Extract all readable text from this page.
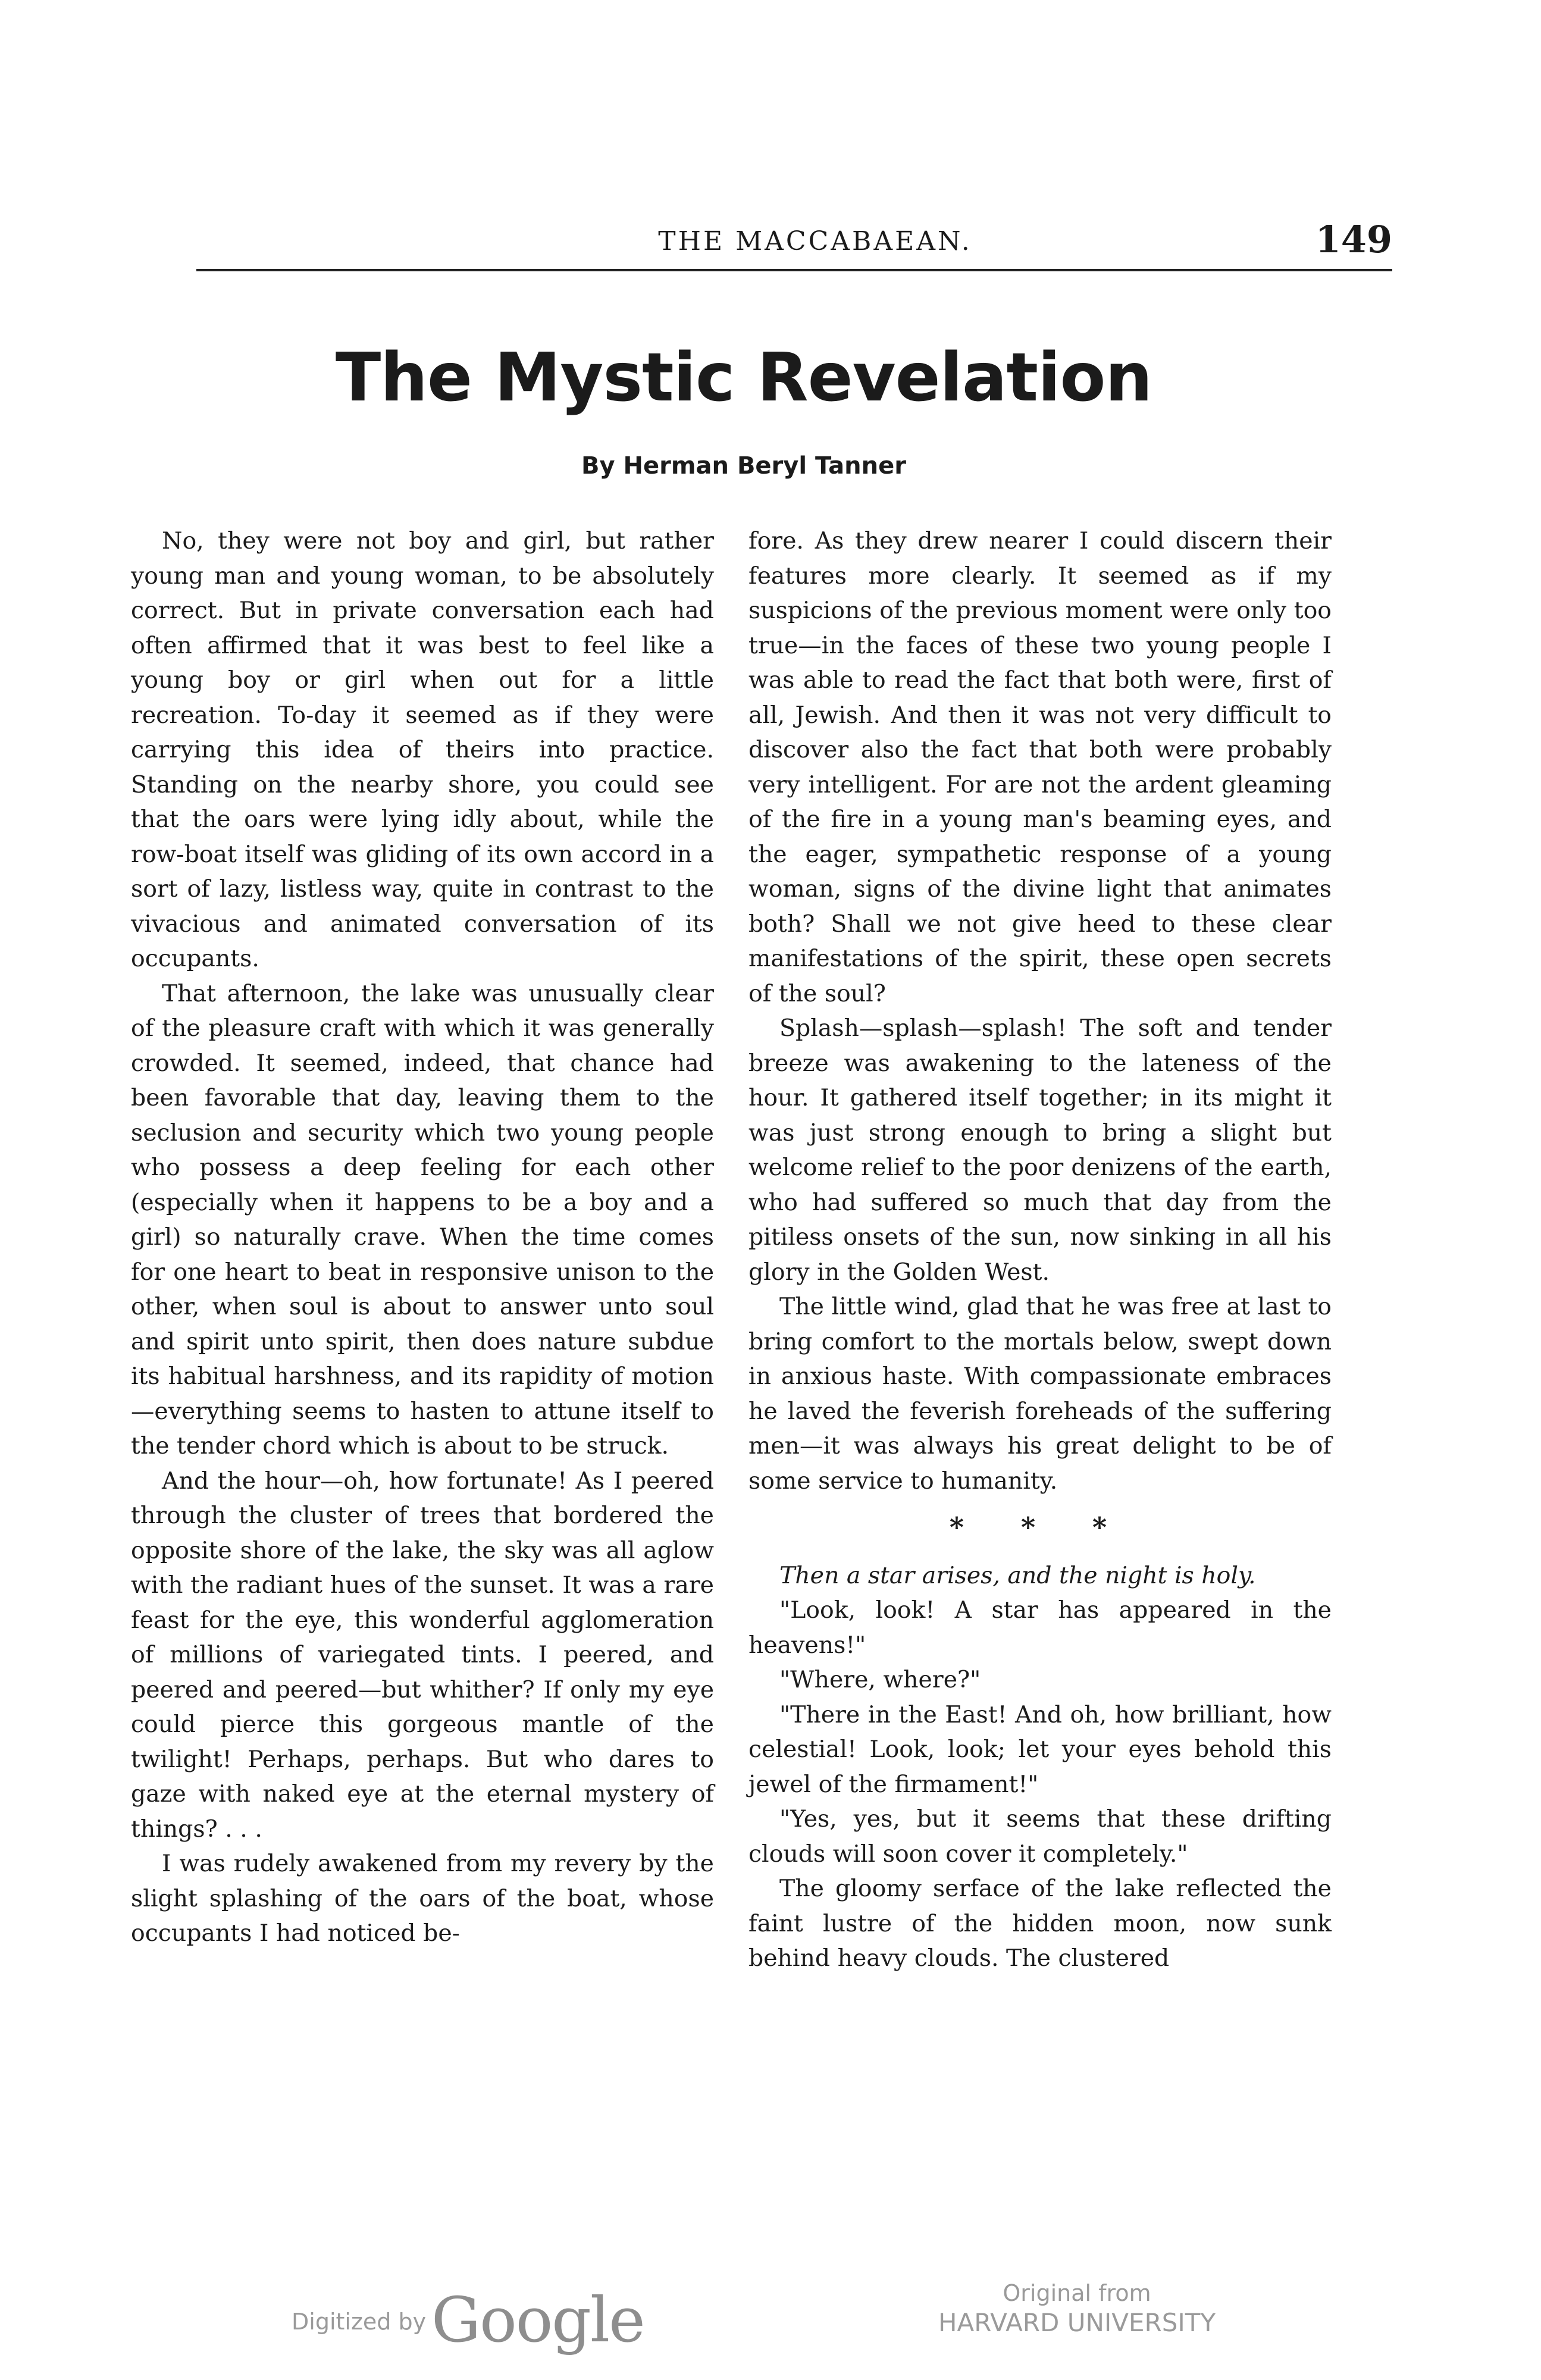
THE MACCABAEAN.	149
The Mystic Revelation
By Herman Beryl Tanner

No, they were not boy and girl, but rather young man and young woman, to be absolutely correct. But in private conversation each had often affirmed that it was best to feel like a young boy or girl when out for a little recreation. To-day it seemed as if they were carrying this idea of theirs into practice. Standing on the nearby shore, you could see that the oars were lying idly about, while the row-boat itself was gliding of its own accord in a sort of lazy, listless way, quite in contrast to the vivacious and animated conversation of its occupants.

That afternoon, the lake was unusually clear of the pleasure craft with which it was generally crowded. It seemed, indeed, that chance had been favorable that day, leaving them to the seclusion and security which two young people who possess a deep feeling for each other (especially when it happens to be a boy and a girl) so naturally crave. When the time comes for one heart to beat in responsive unison to the other, when soul is about to answer unto soul and spirit unto spirit, then does nature subdue its habitual harshness, and its rapidity of motion—everything seems to hasten to attune itself to the tender chord which is about to be struck.

And the hour—oh, how fortunate! As I peered through the cluster of trees that bordered the opposite shore of the lake, the sky was all aglow with the radiant hues of the sunset. It was a rare feast for the eye, this wonderful agglomeration of millions of variegated tints. I peered, and peered and peered—but whither? If only my eye could pierce this gorgeous mantle of the twilight! Perhaps, perhaps. But who dares to gaze with naked eye at the eternal mystery of things? . . .

I was rudely awakened from my revery by the slight splashing of the oars of the boat, whose occupants I had noticed be-

fore. As they drew nearer I could discern their features more clearly. It seemed as if my suspicions of the previous moment were only too true—in the faces of these two young people I was able to read the fact that both were, first of all, Jewish. And then it was not very difficult to discover also the fact that both were probably very intelligent. For are not the ardent gleaming of the fire in a young man's beaming eyes, and the eager, sympathetic response of a young woman, signs of the divine light that animates both? Shall we not give heed to these clear manifestations of the spirit, these open secrets of the soul?

Splash—splash—splash! The soft and tender breeze was awakening to the lateness of the hour. It gathered itself together; in its might it was just strong enough to bring a slight but welcome relief to the poor denizens of the earth, who had suffered so much that day from the pitiless onsets of the sun, now sinking in all his glory in the Golden West.

The little wind, glad that he was free at last to bring comfort to the mortals below, swept down in anxious haste. With compassionate embraces he laved the feverish foreheads of the suffering men—it was always his great delight to be of some service to humanity.

* * *

Then a star arises, and the night is holy.

"Look, look! A star has appeared in the heavens!"

"Where, where?"

"There in the East! And oh, how brilliant, how celestial! Look, look; let your eyes behold this jewel of the firmament!"

"Yes, yes, but it seems that these drifting clouds will soon cover it completely."

The gloomy serface of the lake reflected the faint lustre of the hidden moon, now sunk behind heavy clouds. The clustered

Digitized by Google	Original from
HARVARD UNIVERSITY
